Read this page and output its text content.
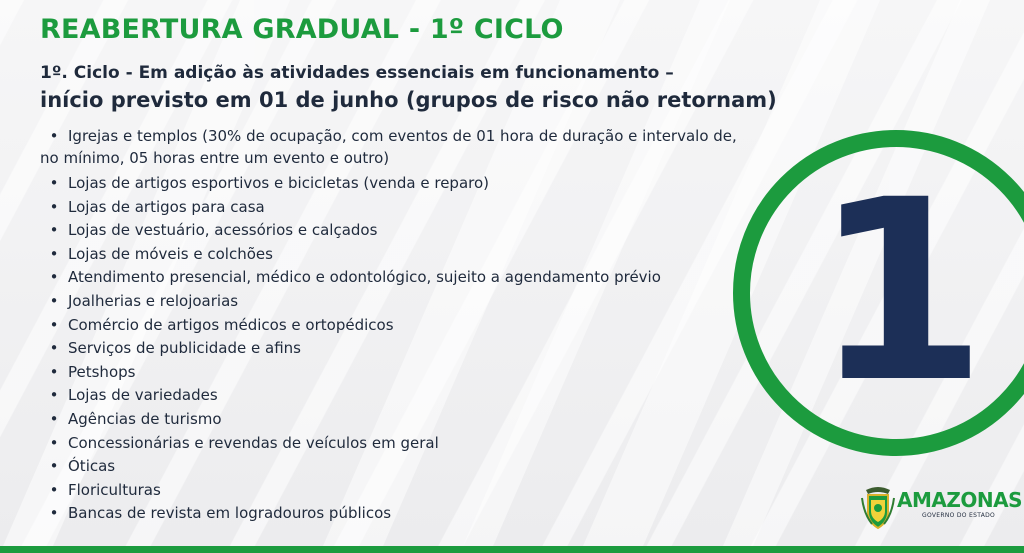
REABERTURA GRADUAL - 1º CICLO
1º. Ciclo - Em adição às atividades essenciais em funcionamento –
início previsto em 01 de junho (grupos de risco não retornam)
• Igrejas e templos (30% de ocupação, com eventos de 01 hora de duração e intervalo de,
no mínimo, 05 horas entre um evento e outro)
• Lojas de artigos esportivos e bicicletas (venda e reparo)
• Lojas de artigos para casa
• Lojas de vestuário, acessórios e calçados
• Lojas de móveis e colchões
• Atendimento presencial, médico e odontológico, sujeito a agendamento prévio
• Joalherias e relojoarias
• Comércio de artigos médicos e ortopédicos
• Serviços de publicidade e afins
• Petshops
• Lojas de variedades
• Agências de turismo
• Concessionárias e revendas de veículos em geral
• Óticas
• Floriculturas
• Bancas de revista em logradouros públicos
1
AMAZONAS
GOVERNO DO ESTADO
